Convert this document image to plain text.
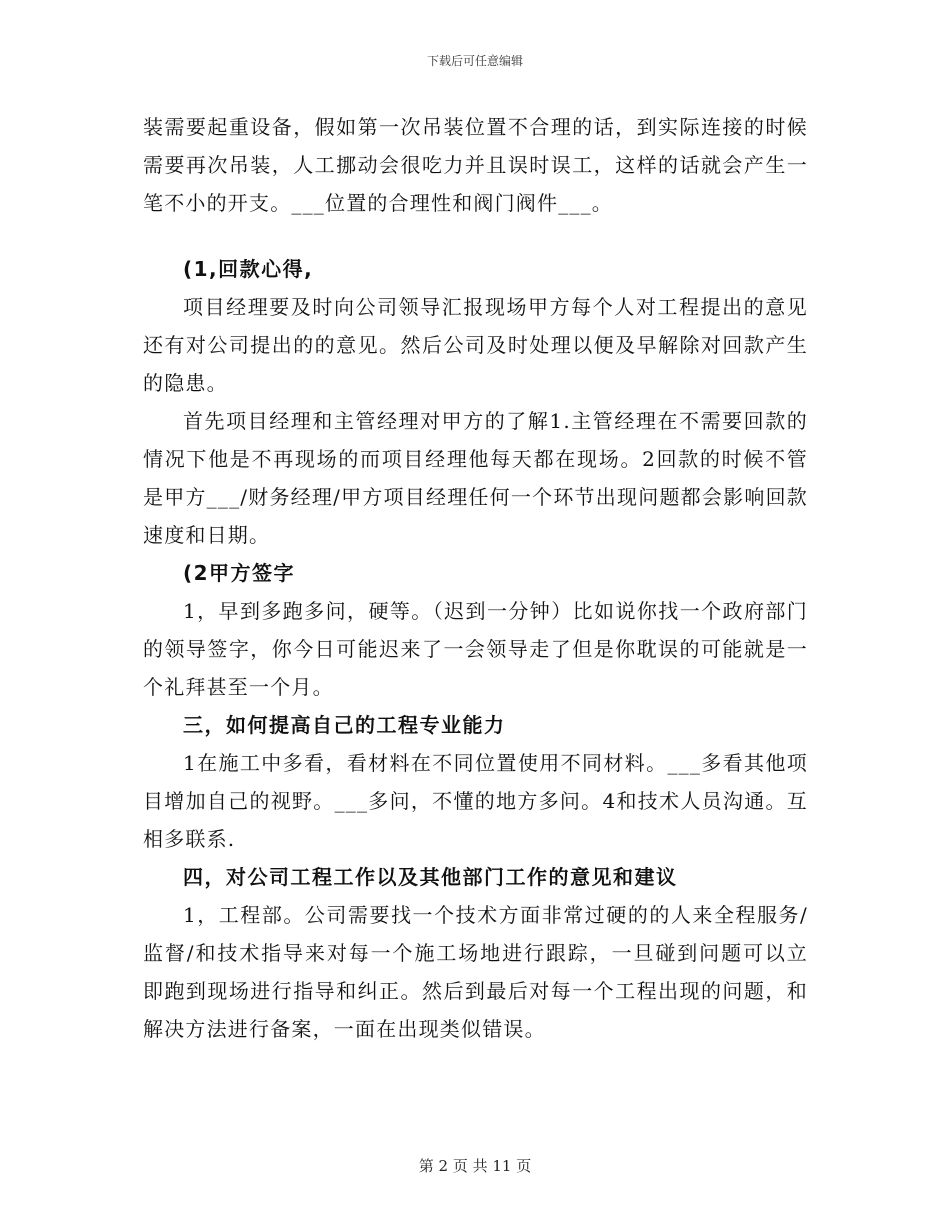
下载后可任意编辑

装需要起重设备，假如第一次吊装位置不合理的话，到实际连接的时候需要再次吊装，人工挪动会很吃力并且误时误工，这样的话就会产生一笔不小的开支。___位置的合理性和阀门阀件___。

(1,回款心得,

项目经理要及时向公司领导汇报现场甲方每个人对工程提出的意见还有对公司提出的的意见。然后公司及时处理以便及早解除对回款产生的隐患。

首先项目经理和主管经理对甲方的了解1.主管经理在不需要回款的情况下他是不再现场的而项目经理他每天都在现场。2回款的时候不管是甲方___/财务经理/甲方项目经理任何一个环节出现问题都会影响回款速度和日期。

(2甲方签字

1，早到多跑多问，硬等。（迟到一分钟）比如说你找一个政府部门的领导签字，你今日可能迟来了一会领导走了但是你耽误的可能就是一个礼拜甚至一个月。

三，如何提高自己的工程专业能力

1在施工中多看，看材料在不同位置使用不同材料。___多看其他项目增加自己的视野。___多问，不懂的地方多问。4和技术人员沟通。互相多联系.

四，对公司工程工作以及其他部门工作的意见和建议

1，工程部。公司需要找一个技术方面非常过硬的的人来全程服务/监督/和技术指导来对每一个施工场地进行跟踪，一旦碰到问题可以立即跑到现场进行指导和纠正。然后到最后对每一个工程出现的问题，和解决方法进行备案，一面在出现类似错误。

第 2 页 共 11 页
